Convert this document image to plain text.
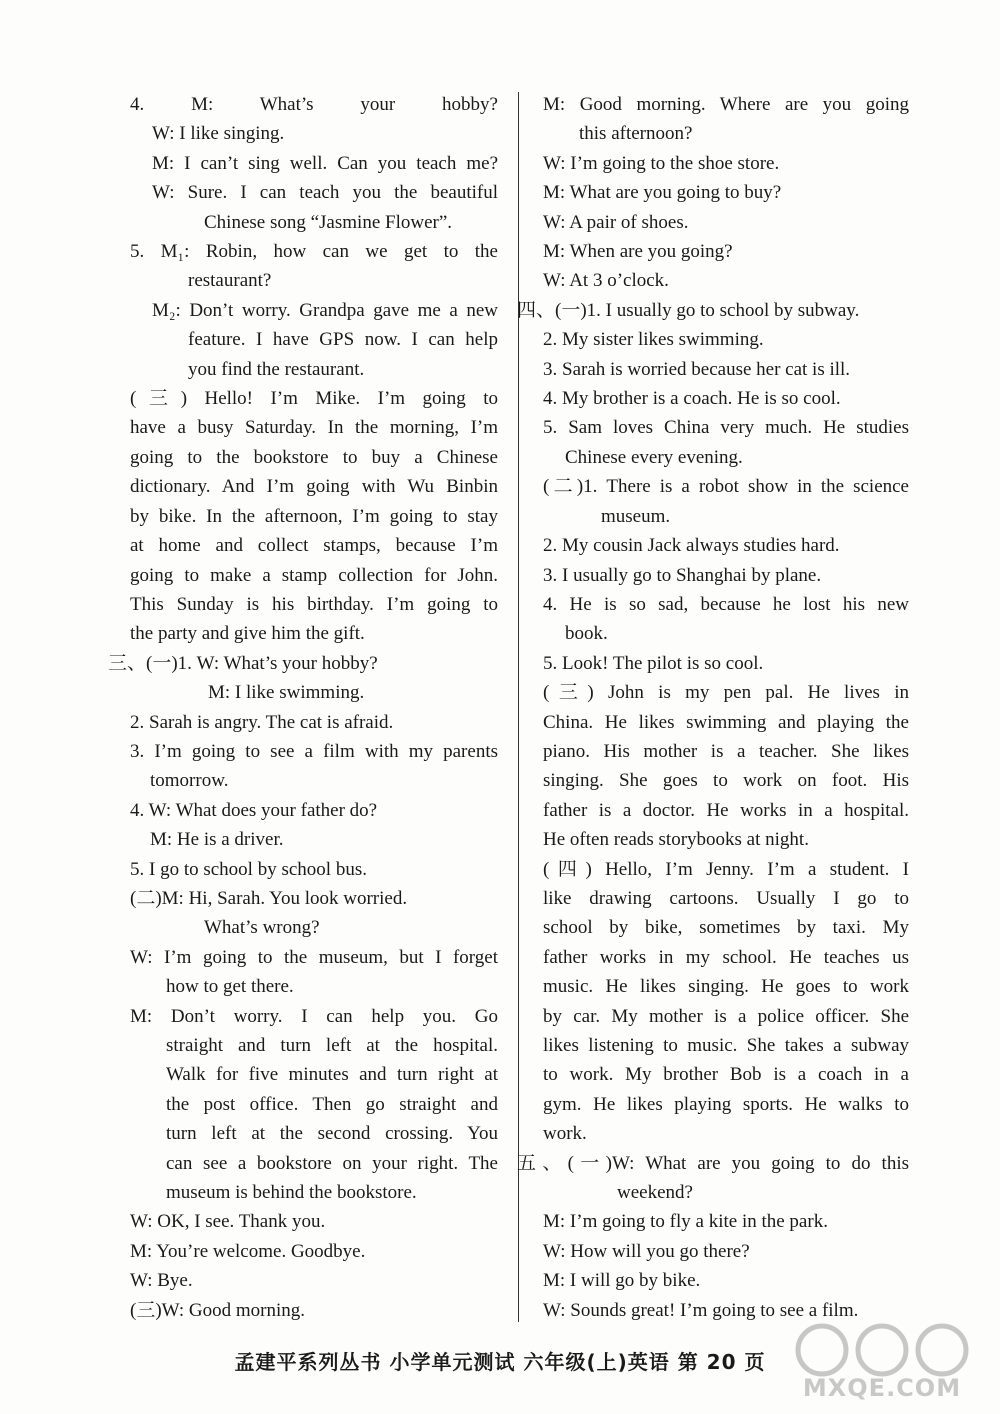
4. M: What’s your hobby?
W: I like singing.
M: I can’t sing well. Can you teach me?
W: Sure. I can teach you the beautiful
Chinese song “Jasmine Flower”.
5. M₁: Robin, how can we get to the
restaurant?
M₂: Don’t worry. Grandpa gave me a new
feature. I have GPS now. I can help
you find the restaurant.
(三) Hello! I’m Mike. I’m going to
have a busy Saturday. In the morning, I’m
going to the bookstore to buy a Chinese
dictionary. And I’m going with Wu Binbin
by bike. In the afternoon, I’m going to stay
at home and collect stamps, because I’m
going to make a stamp collection for John.
This Sunday is his birthday. I’m going to
the party and give him the gift.
三、(一)1. W: What’s your hobby?
M: I like swimming.
2. Sarah is angry. The cat is afraid.
3. I’m going to see a film with my parents
tomorrow.
4. W: What does your father do?
M: He is a driver.
5. I go to school by school bus.
(二)M: Hi, Sarah. You look worried.
What’s wrong?
W: I’m going to the museum, but I forget
how to get there.
M: Don’t worry. I can help you. Go
straight and turn left at the hospital.
Walk for five minutes and turn right at
the post office. Then go straight and
turn left at the second crossing. You
can see a bookstore on your right. The
museum is behind the bookstore.
W: OK, I see. Thank you.
M: You’re welcome. Goodbye.
W: Bye.
(三)W: Good morning.
M: Good morning. Where are you going
this afternoon?
W: I’m going to the shoe store.
M: What are you going to buy?
W: A pair of shoes.
M: When are you going?
W: At 3 o’clock.
四、(一)1. I usually go to school by subway.
2. My sister likes swimming.
3. Sarah is worried because her cat is ill.
4. My brother is a coach. He is so cool.
5. Sam loves China very much. He studies
Chinese every evening.
(二)1. There is a robot show in the science
museum.
2. My cousin Jack always studies hard.
3. I usually go to Shanghai by plane.
4. He is so sad, because he lost his new
book.
5. Look! The pilot is so cool.
(三) John is my pen pal. He lives in
China. He likes swimming and playing the
piano. His mother is a teacher. She likes
singing. She goes to work on foot. His
father is a doctor. He works in a hospital.
He often reads storybooks at night.
(四) Hello, I’m Jenny. I’m a student. I
like drawing cartoons. Usually I go to
school by bike, sometimes by taxi. My
father works in my school. He teaches us
music. He likes singing. He goes to work
by car. My mother is a police officer. She
likes listening to music. She takes a subway
to work. My brother Bob is a coach in a
gym. He likes playing sports. He walks to
work.
五、(一)W: What are you going to do this
weekend?
M: I’m going to fly a kite in the park.
W: How will you go there?
M: I will go by bike.
W: Sounds great! I’m going to see a film.
孟建平系列丛书 小学单元测试 六年级(上)英语 第 20 页
MXQE.COM
